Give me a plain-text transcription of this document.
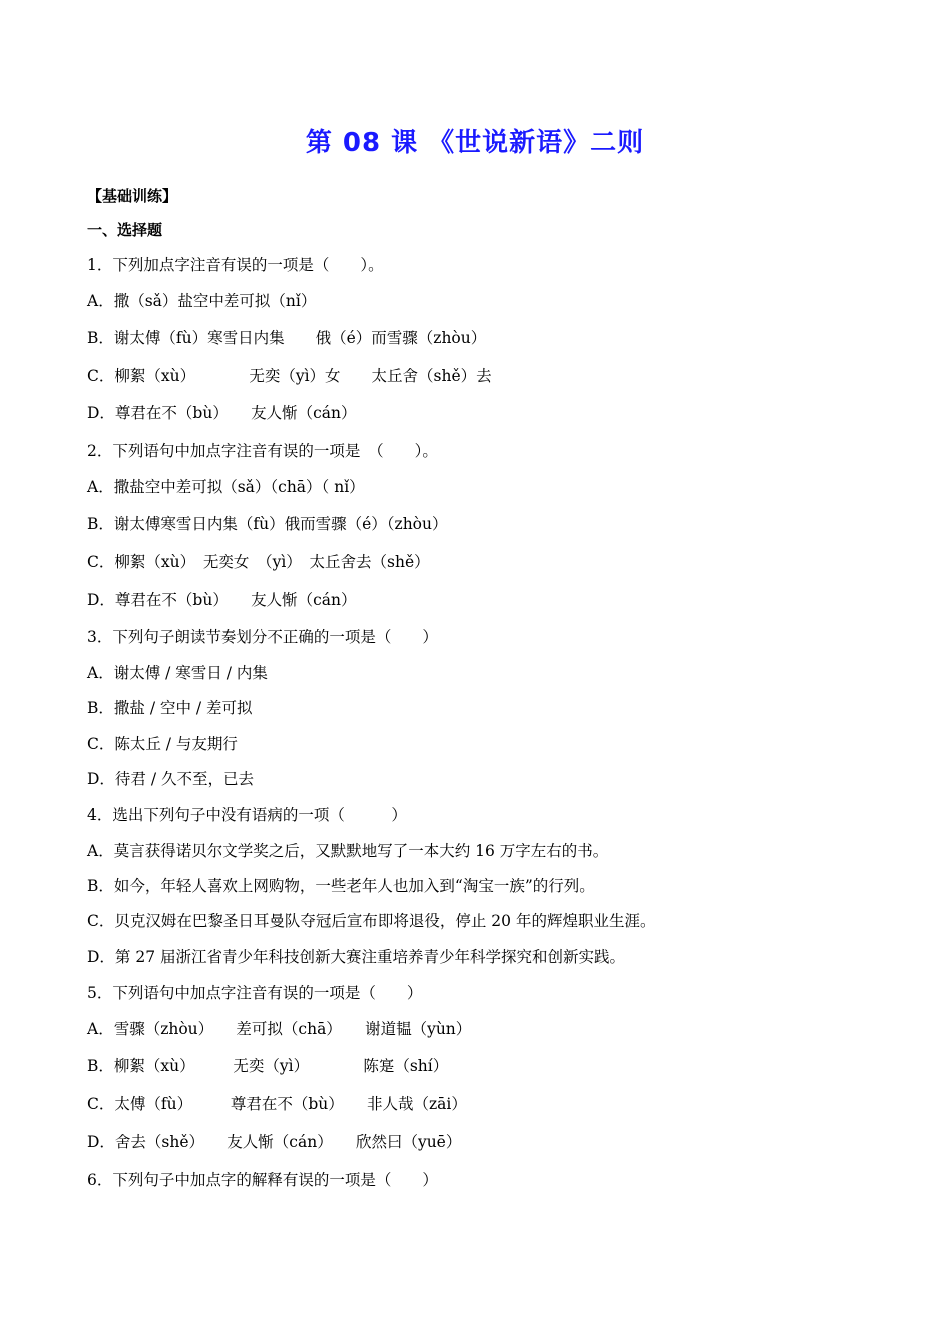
第 08 课 《世说新语》二则
【基础训练】
一、选择题
1．下列加点字注音有误的一项是（　　）。
A．撒（sǎ）盐空中差可拟（nǐ）
B．谢太傅（fù）寒雪日内集　　俄（é）而雪骤（zhòu）
C．柳絮（xù）　　　　无奕（yì）女　　太丘舍（shě）去
D．尊君在不（bù）　　友人惭（cán）
2．下列语句中加点字注音有误的一项是　（　　）。
A．撒盐空中差可拟（sǎ）（chā）（ nǐ）
B．谢太傅寒雪日内集（fù）俄而雪骤（é）（zhòu）
C．柳絮（xù）　无奕女　（yì）　太丘舍去（shě）
D．尊君在不（bù）　　友人惭（cán）
3．下列句子朗读节奏划分不正确的一项是（　　）
A．谢太傅 / 寒雪日 / 内集
B．撒盐 / 空中 / 差可拟
C．陈太丘 / 与友期行
D．待君 / 久不至，已去
4．选出下列句子中没有语病的一项（　　　）
A．莫言获得诺贝尔文学奖之后，又默默地写了一本大约 16 万字左右的书。
B．如今，年轻人喜欢上网购物，一些老年人也加入到“淘宝一族”的行列。
C．贝克汉姆在巴黎圣日耳曼队夺冠后宣布即将退役，停止 20 年的辉煌职业生涯。
D．第 27 届浙江省青少年科技创新大赛注重培养青少年科学探究和创新实践。
5．下列语句中加点字注音有误的一项是（　　）
A．雪骤（zhòu）　　差可拟（chā）　　谢道韫（yùn）
B．柳絮（xù）　　　无奕（yì）　　　　陈寔（shí）
C．太傅（fù）　　　尊君在不（bù）　　非人哉（zāi）
D．舍去（shě）　　友人惭（cán）　　欣然曰（yuē）
6．下列句子中加点字的解释有误的一项是（　　）
